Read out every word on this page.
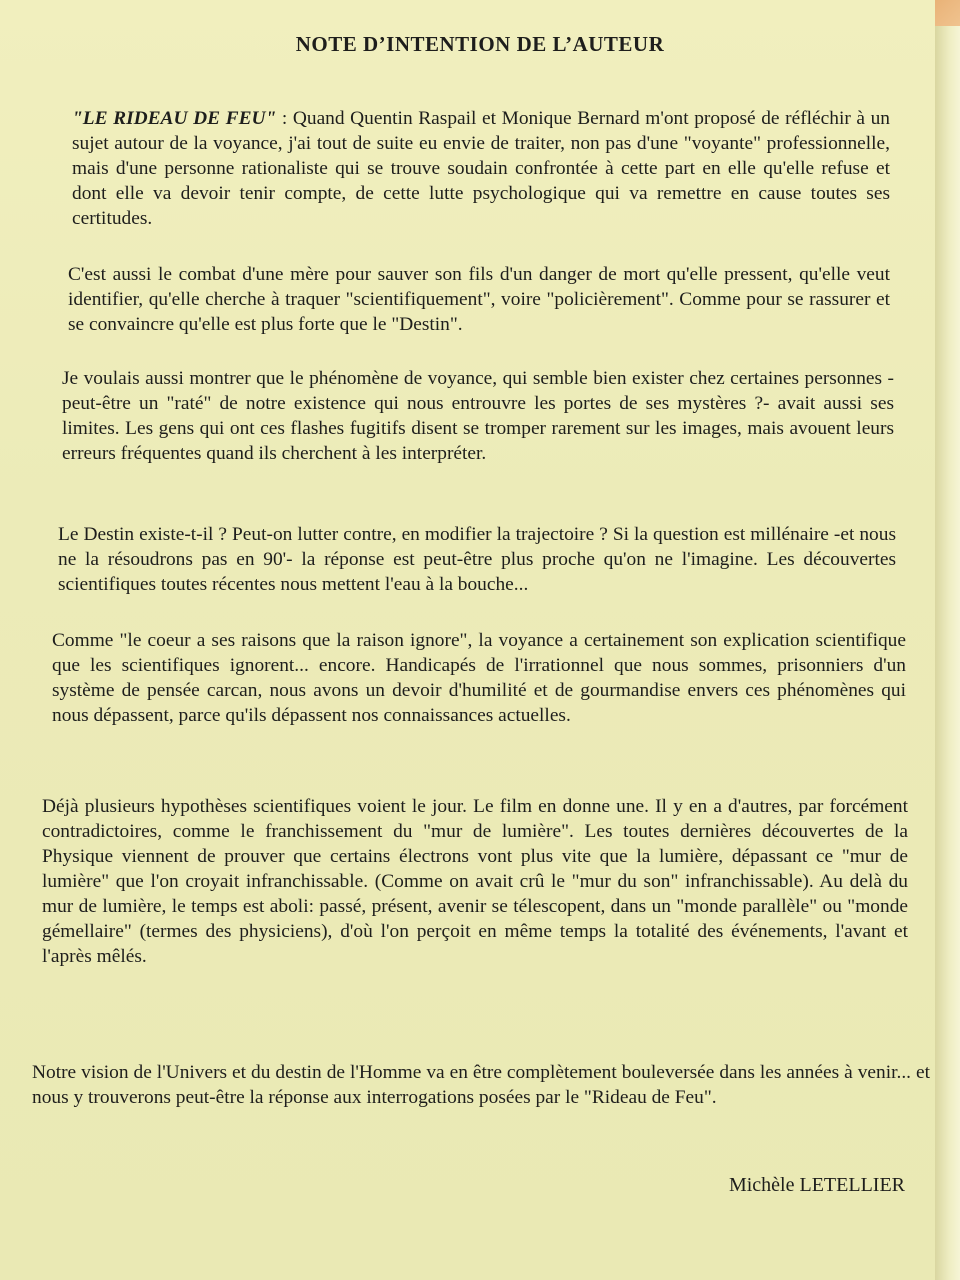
NOTE D’INTENTION DE L’AUTEUR

"LE RIDEAU DE FEU" : Quand Quentin Raspail et Monique Bernard m'ont proposé de réfléchir à un sujet autour de la voyance, j'ai tout de suite eu envie de traiter, non pas d'une "voyante" professionnelle, mais d'une personne rationaliste qui se trouve soudain confrontée à cette part en elle qu'elle refuse et dont elle va devoir tenir compte, de cette lutte psychologique qui va remettre en cause toutes ses certitudes.

C'est aussi le combat d'une mère pour sauver son fils d'un danger de mort qu'elle pressent, qu'elle veut identifier, qu'elle cherche à traquer "scientifiquement", voire "policièrement". Comme pour se rassurer et se convaincre qu'elle est plus forte que le "Destin".

Je voulais aussi montrer que le phénomène de voyance, qui semble bien exister chez certaines personnes -peut-être un "raté" de notre existence qui nous entrouvre les portes de ses mystères ?- avait aussi ses limites. Les gens qui ont ces flashes fugitifs disent se tromper rarement sur les images, mais avouent leurs erreurs fréquentes quand ils cherchent à les interpréter.

Le Destin existe-t-il ? Peut-on lutter contre, en modifier la trajectoire ? Si la question est millénaire -et nous ne la résoudrons pas en 90'- la réponse est peut-être plus proche qu'on ne l'imagine. Les découvertes scientifiques toutes récentes nous mettent l'eau à la bouche...

Comme "le coeur a ses raisons que la raison ignore", la voyance a certainement son explication scientifique que les scientifiques ignorent... encore. Handicapés de l'irrationnel que nous sommes, prisonniers d'un système de pensée carcan, nous avons un devoir d'humilité et de gourmandise envers ces phénomènes qui nous dépassent, parce qu'ils dépassent nos connaissances actuelles.

Déjà plusieurs hypothèses scientifiques voient le jour. Le film en donne une. Il y en a d'autres, par forcément contradictoires, comme le franchissement du "mur de lumière". Les toutes dernières découvertes de la Physique viennent de prouver que certains électrons vont plus vite que la lumière, dépassant ce "mur de lumière" que l'on croyait infranchissable. (Comme on avait crû le "mur du son" infranchissable). Au delà du mur de lumière, le temps est aboli: passé, présent, avenir se télescopent, dans un "monde parallèle" ou "monde gémellaire" (termes des physiciens), d'où l'on perçoit en même temps la totalité des événements, l'avant et l'après mêlés.

Notre vision de l'Univers et du destin de l'Homme va en être complètement bouleversée dans les années à venir... et nous y trouverons peut-être la réponse aux interrogations posées par le "Rideau de Feu".

Michèle LETELLIER
